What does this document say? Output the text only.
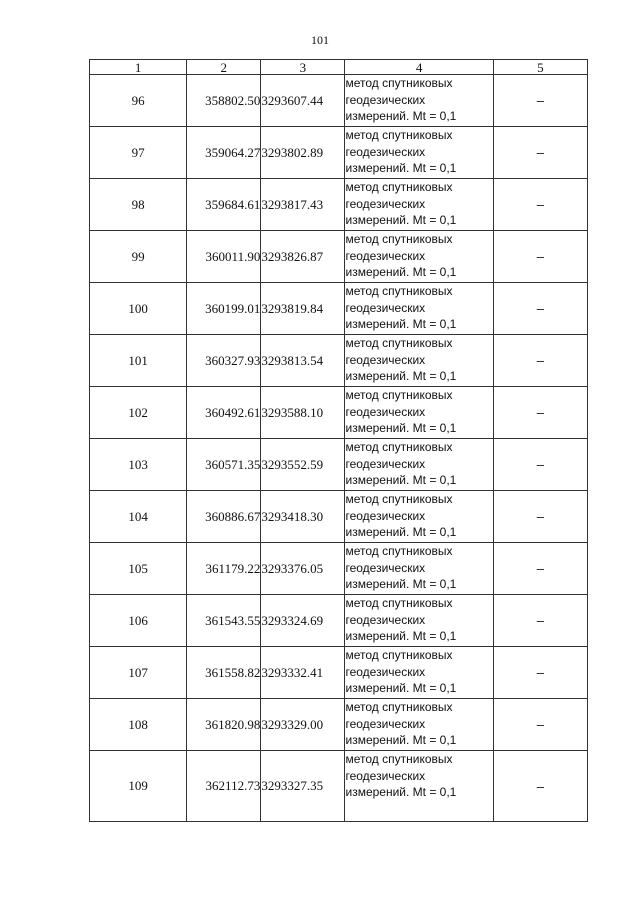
101
1	2	3	4	5
96	358802.50	3293607.44	метод спутниковых
геодезических
измерений. Mt = 0,1	–
97	359064.27	3293802.89	метод спутниковых
геодезических
измерений. Mt = 0,1	–
98	359684.61	3293817.43	метод спутниковых
геодезических
измерений. Mt = 0,1	–
99	360011.90	3293826.87	метод спутниковых
геодезических
измерений. Mt = 0,1	–
100	360199.01	3293819.84	метод спутниковых
геодезических
измерений. Mt = 0,1	–
101	360327.93	3293813.54	метод спутниковых
геодезических
измерений. Mt = 0,1	–
102	360492.61	3293588.10	метод спутниковых
геодезических
измерений. Mt = 0,1	–
103	360571.35	3293552.59	метод спутниковых
геодезических
измерений. Mt = 0,1	–
104	360886.67	3293418.30	метод спутниковых
геодезических
измерений. Mt = 0,1	–
105	361179.22	3293376.05	метод спутниковых
геодезических
измерений. Mt = 0,1	–
106	361543.55	3293324.69	метод спутниковых
геодезических
измерений. Mt = 0,1	–
107	361558.82	3293332.41	метод спутниковых
геодезических
измерений. Mt = 0,1	–
108	361820.98	3293329.00	метод спутниковых
геодезических
измерений. Mt = 0,1	–
109	362112.73	3293327.35	метод спутниковых
геодезических
измерений. Mt = 0,1	–
